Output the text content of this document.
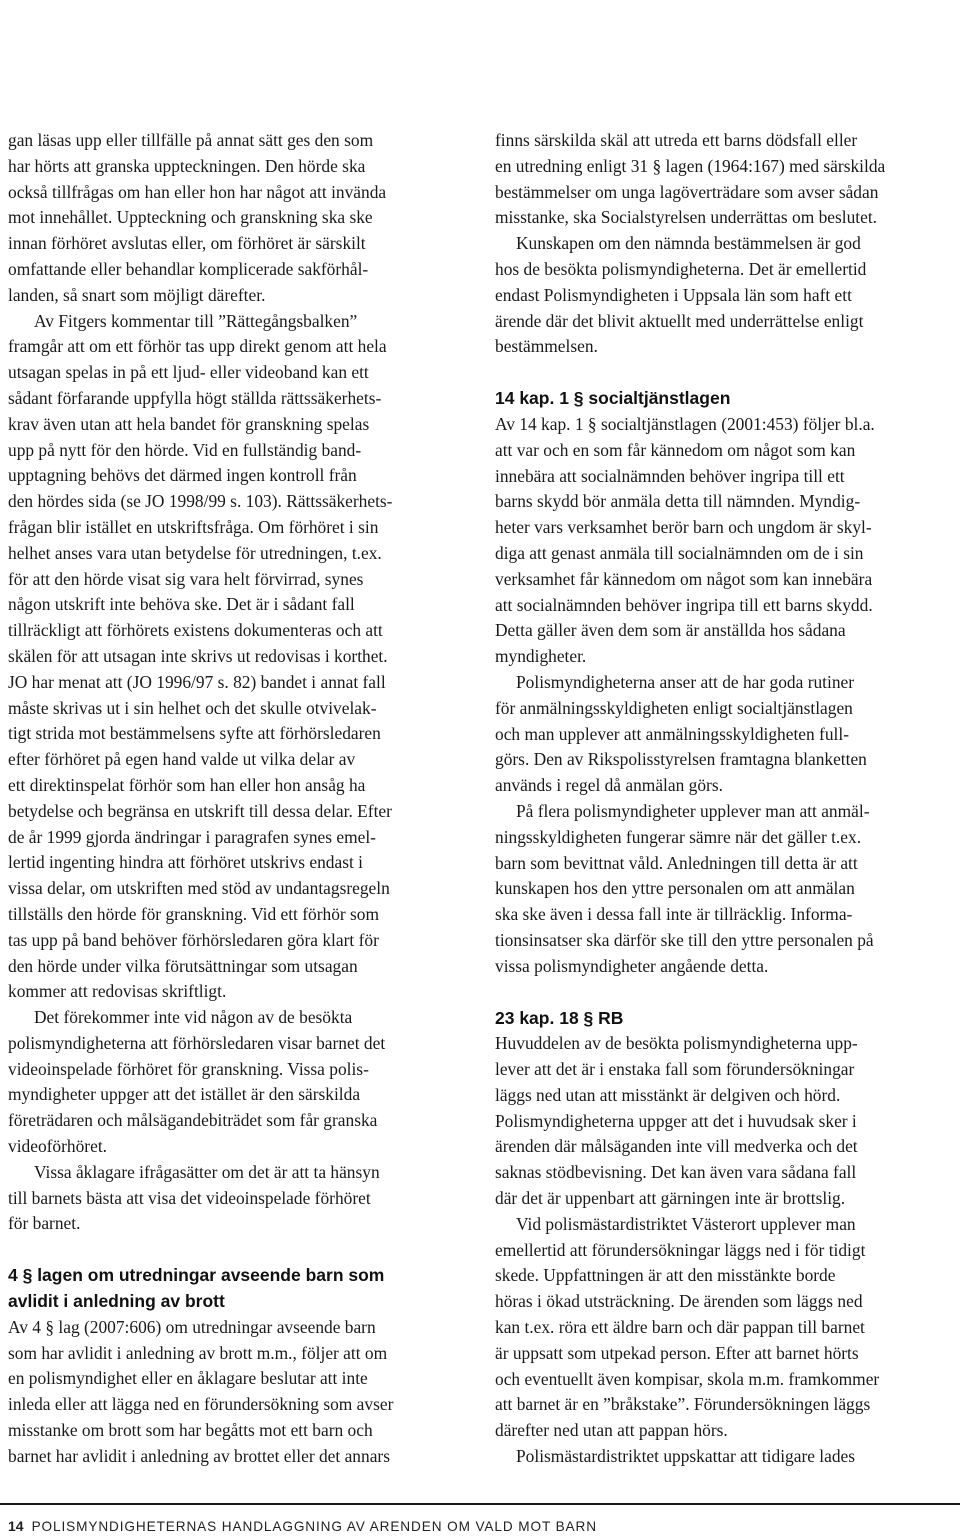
gan läsas upp eller tillfälle på annat sätt ges den som
har hörts att granska uppteckningen. Den hörde ska
också tillfrågas om han eller hon har något att invända
mot innehållet. Uppteckning och granskning ska ske
innan förhöret avslutas eller, om förhöret är särskilt
omfattande eller behandlar komplicerade sakförhål-
landen, så snart som möjligt därefter.
Av Fitgers kommentar till ”Rättegångsbalken”
framgår att om ett förhör tas upp direkt genom att hela
utsagan spelas in på ett ljud- eller videoband kan ett
sådant förfarande uppfylla högt ställda rättssäkerhets-
krav även utan att hela bandet för granskning spelas
upp på nytt för den hörde. Vid en fullständig band-
upptagning behövs det därmed ingen kontroll från
den hördes sida (se JO 1998/99 s. 103). Rättssäkerhets-
frågan blir istället en utskriftsfråga. Om förhöret i sin
helhet anses vara utan betydelse för utredningen, t.ex.
för att den hörde visat sig vara helt förvirrad, synes
någon utskrift inte behöva ske. Det är i sådant fall
tillräckligt att förhörets existens dokumenteras och att
skälen för att utsagan inte skrivs ut redovisas i korthet.
JO har menat att (JO 1996/97 s. 82) bandet i annat fall
måste skrivas ut i sin helhet och det skulle otvivelak-
tigt strida mot bestämmelsens syfte att förhörsledaren
efter förhöret på egen hand valde ut vilka delar av
ett direktinspelat förhör som han eller hon ansåg ha
betydelse och begränsa en utskrift till dessa delar. Efter
de år 1999 gjorda ändringar i paragrafen synes emel-
lertid ingenting hindra att förhöret utskrivs endast i
vissa delar, om utskriften med stöd av undantagsregeln
tillställs den hörde för granskning. Vid ett förhör som
tas upp på band behöver förhörsledaren göra klart för
den hörde under vilka förutsättningar som utsagan
kommer att redovisas skriftligt.
Det förekommer inte vid någon av de besökta
polismyndigheterna att förhörsledaren visar barnet det
videoinspelade förhöret för granskning. Vissa polis-
myndigheter uppger att det istället är den särskilda
företrädaren och målsägandebiträdet som får granska
videoförhöret.
Vissa åklagare ifrågasätter om det är att ta hänsyn
till barnets bästa att visa det videoinspelade förhöret
för barnet.
4 § lagen om utredningar avseende barn som
avlidit i anledning av brott
Av 4 § lag (2007:606) om utredningar avseende barn
som har avlidit i anledning av brott m.m., följer att om
en polismyndighet eller en åklagare beslutar att inte
inleda eller att lägga ned en förundersökning som avser
misstanke om brott som har begåtts mot ett barn och
barnet har avlidit i anledning av brottet eller det annars
finns särskilda skäl att utreda ett barns dödsfall eller
en utredning enligt 31 § lagen (1964:167) med särskilda
bestämmelser om unga lagöverträdare som avser sådan
misstanke, ska Socialstyrelsen underrättas om beslutet.
Kunskapen om den nämnda bestämmelsen är god
hos de besökta polismyndigheterna. Det är emellertid
endast Polismyndigheten i Uppsala län som haft ett
ärende där det blivit aktuellt med underrättelse enligt
bestämmelsen.
14 kap. 1 § socialtjänstlagen
Av 14 kap. 1 § socialtjänstlagen (2001:453) följer bl.a.
att var och en som får kännedom om något som kan
innebära att socialnämnden behöver ingripa till ett
barns skydd bör anmäla detta till nämnden. Myndig-
heter vars verksamhet berör barn och ungdom är skyl-
diga att genast anmäla till socialnämnden om de i sin
verksamhet får kännedom om något som kan innebära
att socialnämnden behöver ingripa till ett barns skydd.
Detta gäller även dem som är anställda hos sådana
myndigheter.
Polismyndigheterna anser att de har goda rutiner
för anmälningsskyldigheten enligt socialtjänstlagen
och man upplever att anmälningsskyldigheten full-
görs. Den av Rikspolisstyrelsen framtagna blanketten
används i regel då anmälan görs.
På flera polismyndigheter upplever man att anmäl-
ningsskyldigheten fungerar sämre när det gäller t.ex.
barn som bevittnat våld. Anledningen till detta är att
kunskapen hos den yttre personalen om att anmälan
ska ske även i dessa fall inte är tillräcklig. Informa-
tionsinsatser ska därför ske till den yttre personalen på
vissa polismyndigheter angående detta.
23 kap. 18 § RB
Huvuddelen av de besökta polismyndigheterna upp-
lever att det är i enstaka fall som förundersökningar
läggs ned utan att misstänkt är delgiven och hörd.
Polismyndigheterna uppger att det i huvudsak sker i
ärenden där målsäganden inte vill medverka och det
saknas stödbevisning. Det kan även vara sådana fall
där det är uppenbart att gärningen inte är brottslig.
Vid polismästardistriktet Västerort upplever man
emellertid att förundersökningar läggs ned i för tidigt
skede. Uppfattningen är att den misstänkte borde
höras i ökad utsträckning. De ärenden som läggs ned
kan t.ex. röra ett äldre barn och där pappan till barnet
är uppsatt som utpekad person. Efter att barnet hörts
och eventuellt även kompisar, skola m.m. framkommer
att barnet är en ”bråkstake”. Förundersökningen läggs
därefter ned utan att pappan hörs.
Polismästardistriktet uppskattar att tidigare lades
14 POLISMYNDIGHETERNAS HANDLAGGNING AV ARENDEN OM VALD MOT BARN
